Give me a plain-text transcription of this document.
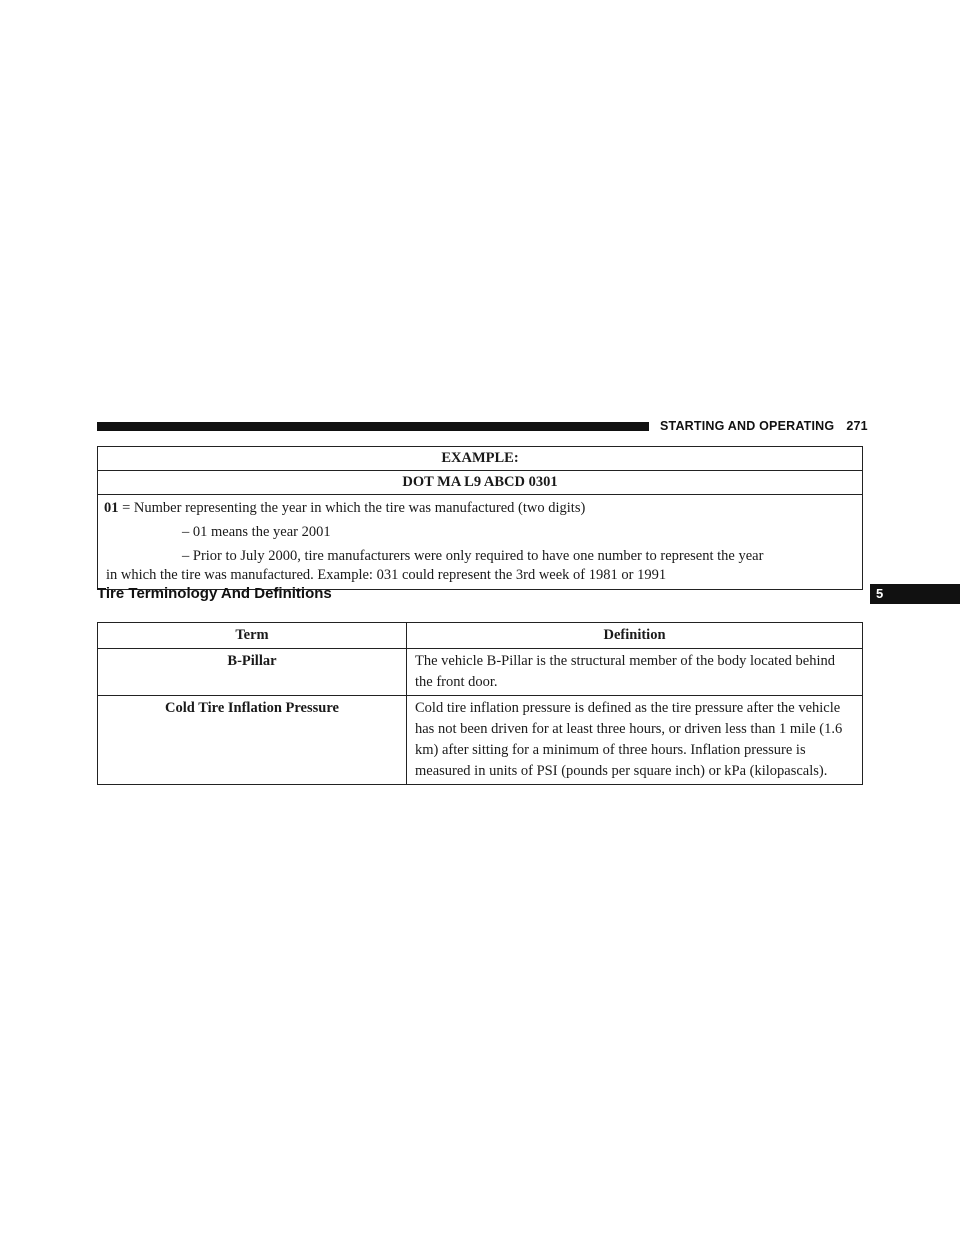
STARTING AND OPERATING 271
5
EXAMPLE:
DOT MA L9 ABCD 0301

01 = Number representing the year in which the tire was manufactured (two digits)

– 01 means the year 2001

– Prior to July 2000, tire manufacturers were only required to have one number to represent the year

in which the tire was manufactured. Example: 031 could represent the 3rd week of 1981 or 1991

Tire Terminology And Definitions
Term	Definition
B-Pillar	The vehicle B-Pillar is the structural member of the body located behind the front door.
Cold Tire Inflation Pressure	Cold tire inflation pressure is defined as the tire pressure after the vehicle has not been driven for at least three hours, or driven less than 1 mile (1.6 km) after sitting for a minimum of three hours. Inflation pressure is measured in units of PSI (pounds per square inch) or kPa (kilopascals).
